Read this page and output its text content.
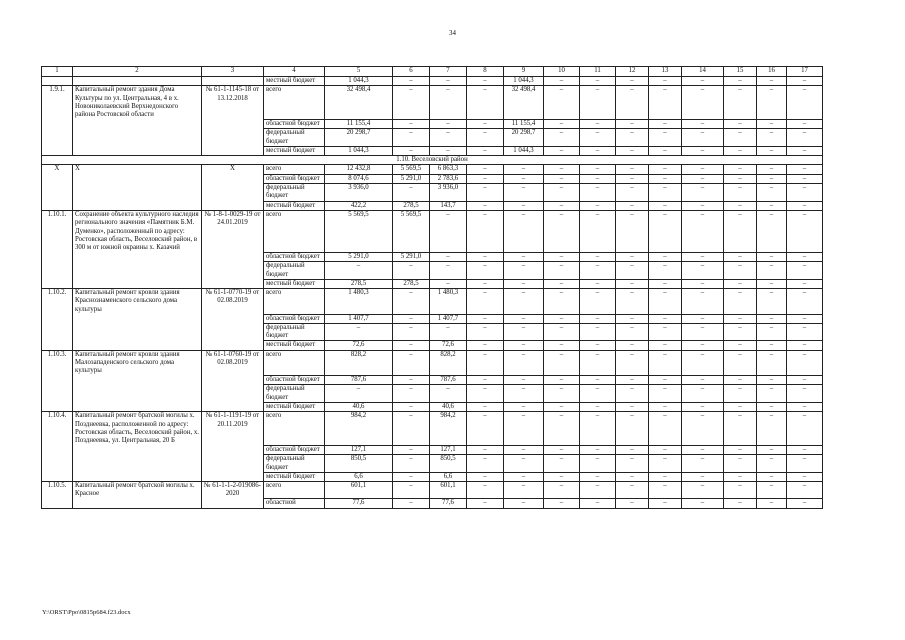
34
1	2	3	4	5	6	7	8	9	10	11	12	13	14	15	16	17
			местный бюджет	1 044,3	–	–	–	1 044,3	–	–	–	–	–	–	–	–
1.9.1.	Капитальный ремонт здания Дома Культуры по ул. Центральная, 4 в х. Новониколаевский Верхнедонского района Ростовской области	№ 61-1-1145-18 от 13.12.2018	всего	32 498,4	–	–	–	32 498,4	–	–	–	–	–	–	–	–
			областной бюджет	11 155,4	–	–	–	11 155,4	–	–	–	–	–	–	–	–
			федеральный бюджет	20 298,7	–	–	–	20 298,7	–	–	–	–	–	–	–	–
			местный бюджет	1 044,3	–	–	–	1 044,3	–	–	–	–	–	–	–	–
1.10. Веселовский район																
Х	Х	Х	всего	12 432,8	5 569,5	6 863,3	–	–	–	–	–	–	–	–	–	–
			областной бюджет	8 074,6	5 291,0	2 783,6	–	–	–	–	–	–	–	–	–	–
			федеральный бюджет	3 936,0	–	3 936,0	–	–	–	–	–	–	–	–	–	–
			местный бюджет	422,2	278,5	143,7	–	–	–	–	–	–	–	–	–	–
1.10.1.	Сохранение объекта культурного наследия регионального значения «Памятник Б.М. Думенко», расположенный по адресу: Ростовская область, Веселовский район, в 300 м от южной окраины х. Казачий	№ 1-8-1-0029-19 от 24.01.2019	всего	5 569,5	5 569,5	–	–	–	–	–	–	–	–	–	–	–
			областной бюджет	5 291,0	5 291,0	–	–	–	–	–	–	–	–	–	–	–
			федеральный бюджет	–	–	–	–	–	–	–	–	–	–	–	–	–
			местный бюджет	278,5	278,5	–	–	–	–	–	–	–	–	–	–	–
1.10.2.	Капитальный ремонт кровли здания Краснознаменского сельского дома культуры	№ 61-1-0770-19 от 02.08.2019	всего	1 480,3	–	1 480,3	–	–	–	–	–	–	–	–	–	–
			областной бюджет	1 407,7	–	1 407,7	–	–	–	–	–	–	–	–	–	–
			федеральный бюджет	–	–	–	–	–	–	–	–	–	–	–	–	–
			местный бюджет	72,6	–	72,6	–	–	–	–	–	–	–	–	–	–
1.10.3.	Капитальный ремонт кровли здания Малозападенского сельского дома культуры	№ 61-1-0760-19 от 02.08.2019	всего	828,2	–	828,2	–	–	–	–	–	–	–	–	–	–
			областной бюджет	787,6	–	787,6	–	–	–	–	–	–	–	–	–	–
			федеральный бюджет	–	–	–	–	–	–	–	–	–	–	–	–	–
			местный бюджет	40,6	–	40,6	–	–	–	–	–	–	–	–	–	–
1.10.4.	Капитальный ремонт братской могилы х. Позднеевка, расположенной по адресу: Ростовская область, Веселовский район, х. Позднеевка, ул. Центральная, 20 Б	№ 61-1-1191-19 от 20.11.2019	всего	984,2	–	984,2	–	–	–	–	–	–	–	–	–	–
			областной бюджет	127,1	–	127,1	–	–	–	–	–	–	–	–	–	–
			федеральный бюджет	850,5	–	850,5	–	–	–	–	–	–	–	–	–	–
			местный бюджет	6,6	–	6,6	–	–	–	–	–	–	–	–	–	–
1.10.5.	Капитальный ремонт братской могилы х. Красное	№ 61-1-1-2-019086-2020	всего	601,1	–	601,1	–	–	–	–	–	–	–	–	–	–
			областной	77,6	–	77,6	–	–	–	–	–	–	–	–	–	–
Y:\ORST\Ppo\0815p684.f23.docx
